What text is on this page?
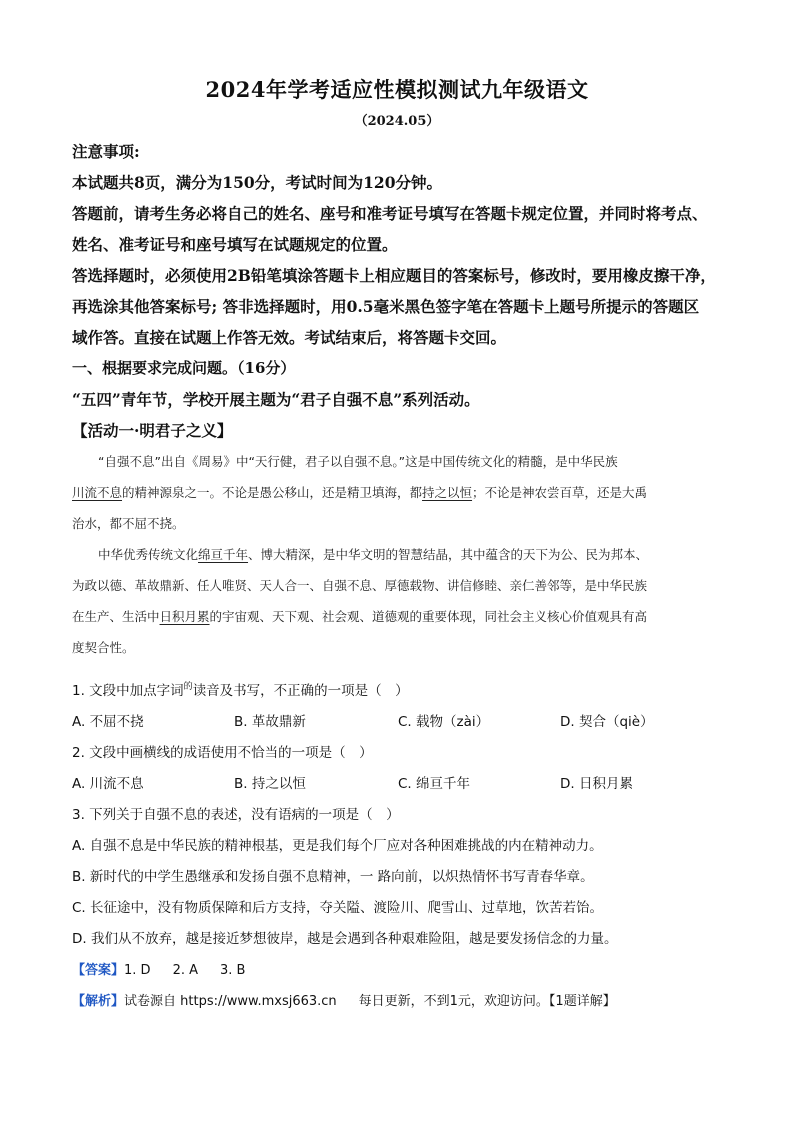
2024年学考适应性模拟测试九年级语文
（2024.05）

注意事项:

本试题共8页，满分为150分，考试时间为120分钟。

答题前，请考生务必将自己的姓名、座号和准考证号填写在答题卡规定位置，并同时将考点、

姓名、准考证号和座号填写在试题规定的位置。

答选择题时，必须使用2B铅笔填涂答题卡上相应题目的答案标号，修改时，要用橡皮擦干净，

再选涂其他答案标号; 答非选择题时，用0.5毫米黑色签字笔在答题卡上题号所提示的答题区

域作答。直接在试题上作答无效。考试结束后，将答题卡交回。

一、根据要求完成问题。（16分）

“五四”青年节，学校开展主题为“君子自强不息”系列活动。

【活动一·明君子之义】

“自强不息”出自《周易》中“天行健，君子以自强不息。”这是中国传统文化的精髓，是中华民族

川流不息的精神源泉之一。不论是愚公移山，还是精卫填海，都持之以恒；不论是神农尝百草，还是大禹

治水，都不屈不挠。

中华优秀传统文化绵亘千年、博大精深，是中华文明的智慧结晶，其中蕴含的天下为公、民为邦本、

为政以德、革故鼎新、任人唯贤、天人合一、自强不息、厚德载物、讲信修睦、亲仁善邻等，是中华民族

在生产、生活中日积月累的宇宙观、天下观、社会观、道德观的重要体现，同社会主义核心价值观具有高

度契合性。

1. 文段中加点字词$^的$读音及书写，不正确的一项是（　）

A. 不屈不挠	B. 革故鼎新	C. 载物（zài）	D. 契合（qiè）

2. 文段中画横线的成语使用不恰当的一项是（　）

A. 川流不息	B. 持之以恒	C. 绵亘千年	D. 日积月累

3. 下列关于自强不息的表述，没有语病的一项是（　）

A. 自强不息是中华民族的精神根基，更是我们每个厂应对各种困难挑战的内在精神动力。

B. 新时代的中学生愚继承和发扬自强不息精神，一 路向前，以炽热情怀书写青春华章。

C. 长征途中，没有物质保障和后方支持，夺关隘、渡险川、爬雪山、过草地，饮苦若饴。

D. 我们从不放弃，越是接近梦想彼岸，越是会遇到各种艰难险阻，越是要发扬信念的力量。

【答案】1. D 2. A 3. B

【解析】试卷源自 https://www.mxsj663.cn 每日更新，不到1元，欢迎访问。【1题详解】
